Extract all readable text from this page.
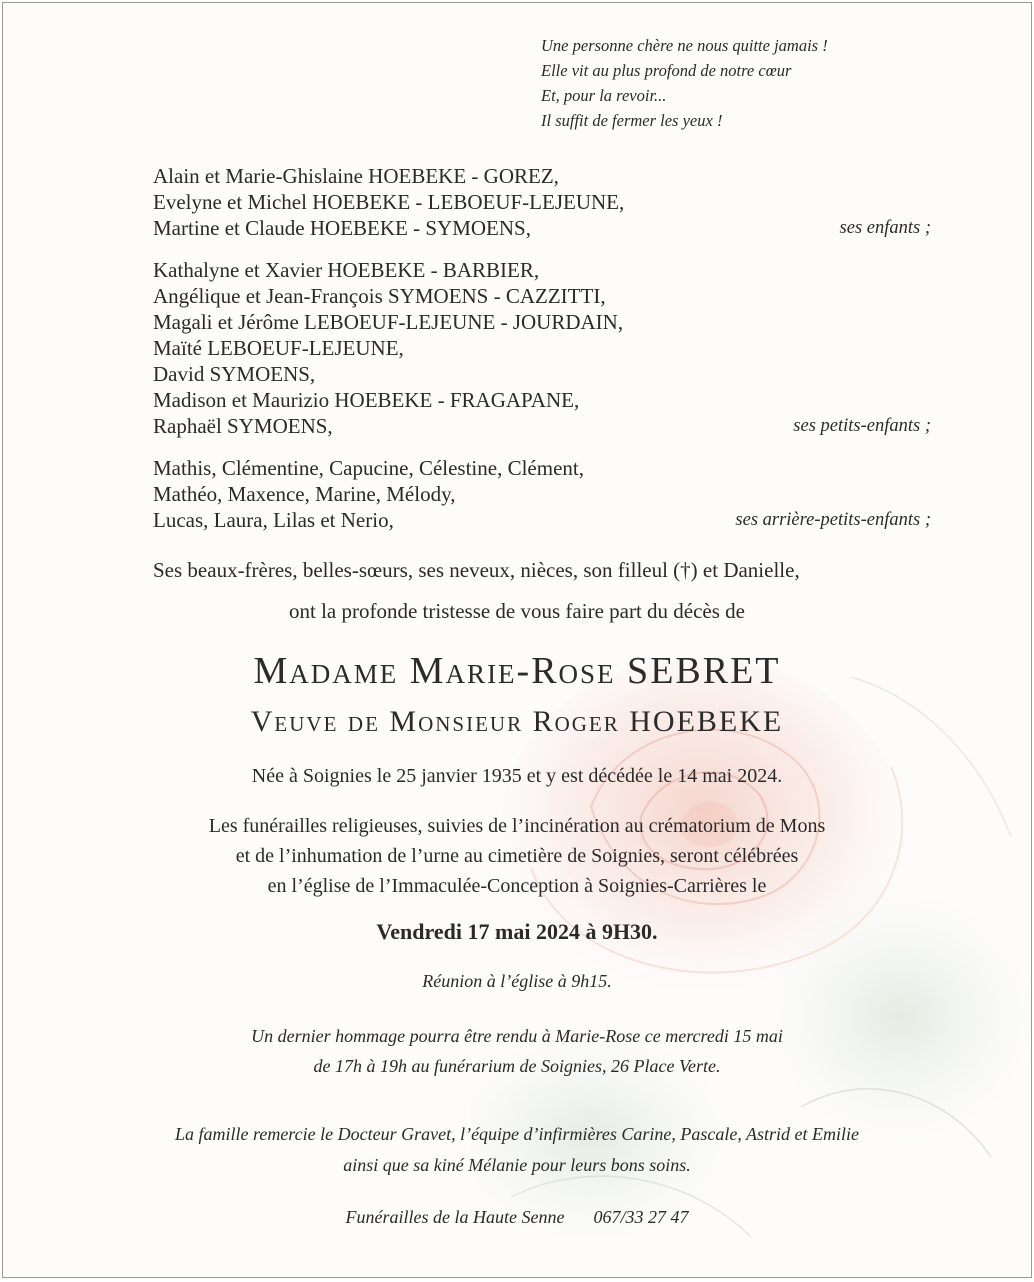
Une personne chère ne nous quitte jamais !
Elle vit au plus profond de notre cœur
Et, pour la revoir...
Il suffit de fermer les yeux !
Alain et Marie-Ghislaine HOEBEKE - GOREZ,
Evelyne et Michel HOEBEKE - LEBOEUF-LEJEUNE,
Martine et Claude HOEBEKE - SYMOENS,	ses enfants ;
Kathalyne et Xavier HOEBEKE - BARBIER,
Angélique et Jean-François SYMOENS - CAZZITTI,
Magali et Jérôme LEBOEUF-LEJEUNE - JOURDAIN,
Maïté LEBOEUF-LEJEUNE,
David SYMOENS,
Madison et Maurizio HOEBEKE - FRAGAPANE,
Raphaël SYMOENS,	ses petits-enfants ;
Mathis, Clémentine, Capucine, Célestine, Clément,
Mathéo, Maxence, Marine, Mélody,
Lucas, Laura, Lilas et Nerio,	ses arrière-petits-enfants ;
Ses beaux-frères, belles-sœurs, ses neveux, nièces, son filleul (†) et Danielle,
ont la profonde tristesse de vous faire part du décès de
Madame Marie-Rose SEBRET
Veuve de Monsieur Roger HOEBEKE
Née à Soignies le 25 janvier 1935 et y est décédée le 14 mai 2024.
Les funérailles religieuses, suivies de l’incinération au crématorium de Mons
et de l’inhumation de l’urne au cimetière de Soignies, seront célébrées
en l’église de l’Immaculée-Conception à Soignies-Carrières le
Vendredi 17 mai 2024 à 9H30.
Réunion à l’église à 9h15.
Un dernier hommage pourra être rendu à Marie-Rose ce mercredi 15 mai
de 17h à 19h au funérarium de Soignies, 26 Place Verte.
La famille remercie le Docteur Gravet, l’équipe d’infirmières Carine, Pascale, Astrid et Emilie
ainsi que sa kiné Mélanie pour leurs bons soins.
Funérailles de la Haute Senne 067/33 27 47
